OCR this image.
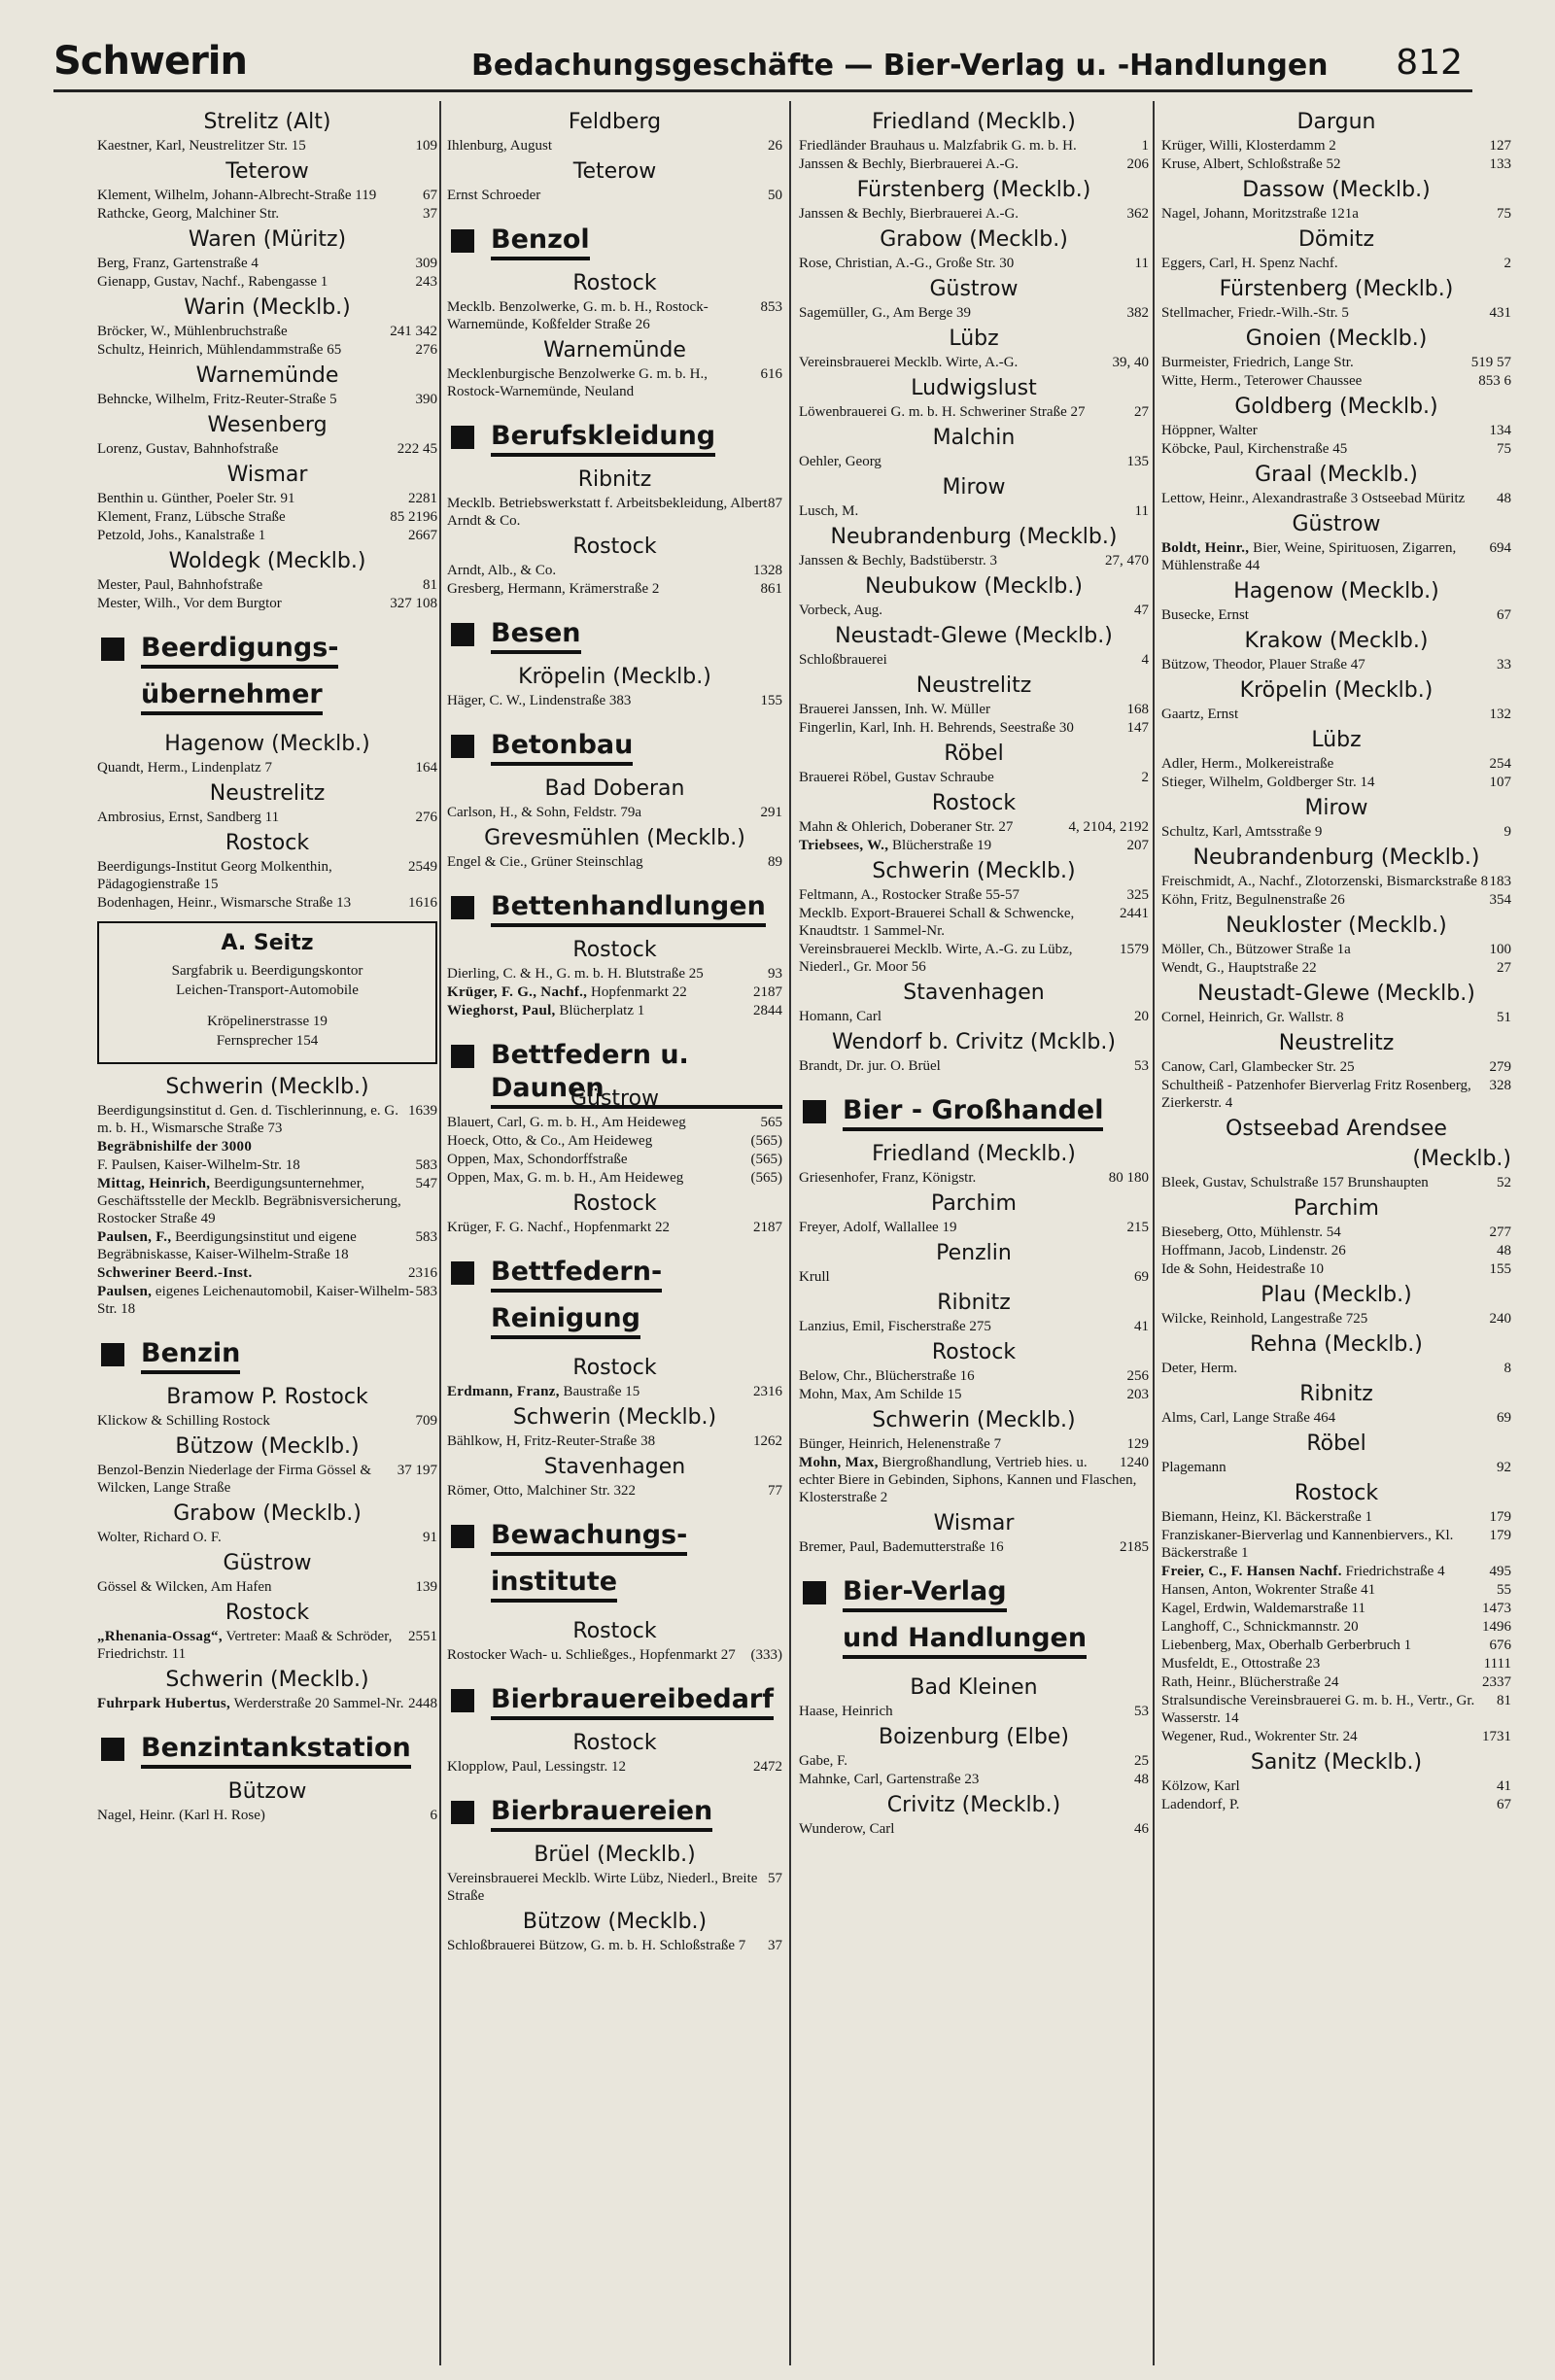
Schwerin	Bedachungsgeschäfte — Bier-Verlag u. -Handlungen 812
Strelitz (Alt)
109
Kaestner, Karl, Neustrelitzer Str. 15
Teterow
67
Klement, Wilhelm, Johann-Albrecht-Straße 119
37
Rathcke, Georg, Malchiner Str.
Waren (Müritz)
309
Berg, Franz, Gartenstraße 4
243
Gienapp, Gustav, Nachf., Rabengasse 1
Warin (Mecklb.)
241 342
Bröcker, W., Mühlenbruchstraße
276
Schultz, Heinrich, Mühlendammstraße 65
Warnemünde
390
Behncke, Wilhelm, Fritz-Reuter-Straße 5
Wesenberg
222 45
Lorenz, Gustav, Bahnhofstraße
Wismar
2281
Benthin u. Günther, Poeler Str. 91
85 2196
Klement, Franz, Lübsche Straße
2667
Petzold, Johs., Kanalstraße 1
Woldegk (Mecklb.)
81
Mester, Paul, Bahnhofstraße
327 108
Mester, Wilh., Vor dem Burgtor
Beerdigungs-
übernehmer
Hagenow (Mecklb.)
164
Quandt, Herm., Lindenplatz 7
Neustrelitz
276
Ambrosius, Ernst, Sandberg 11
Rostock
2549
Beerdigungs-Institut Georg Molkenthin, Pädagogienstraße 15
1616
Bodenhagen, Heinr., Wismarsche Straße 13
A. Seitz
Sargfabrik u. Beerdigungskontor
Leichen-Transport-Automobile
Kröpelinerstrasse 19
Fernsprecher 154
Schwerin (Mecklb.)
1639
Beerdigungsinstitut d. Gen. d. Tischlerinnung, e. G. m. b. H., Wismarsche Straße 73
Begräbnishilfe der 3000
583
F. Paulsen, Kaiser-Wilhelm-Str. 18
547
Mittag, Heinrich, Beerdigungsunternehmer, Geschäftsstelle der Mecklb. Begräbnisversicherung, Rostocker Straße 49
583
Paulsen, F., Beerdigungsinstitut und eigene Begräbniskasse, Kaiser-Wilhelm-Straße 18
2316
Schweriner Beerd.-Inst.
583
Paulsen, eigenes Leichenautomobil, Kaiser-Wilhelm-Str. 18
Benzin
Bramow P. Rostock
709
Klickow & Schilling Rostock
Bützow (Mecklb.)
37 197
Benzol-Benzin Niederlage der Firma Gössel & Wilcken, Lange Straße
Grabow (Mecklb.)
91
Wolter, Richard O. F.
Güstrow
139
Gössel & Wilcken, Am Hafen
Rostock
2551
„Rhenania-Ossag“, Vertreter: Maaß & Schröder, Friedrichstr. 11
Schwerin (Mecklb.)
2448
Fuhrpark Hubertus, Werderstraße 20 Sammel-Nr.
Benzintankstation
Bützow
6
Nagel, Heinr. (Karl H. Rose)
Feldberg
26
Ihlenburg, August
Teterow
50
Ernst Schroeder
Benzol
Rostock
853
Mecklb. Benzolwerke, G. m. b. H., Rostock-Warnemünde, Koßfelder Straße 26
Warnemünde
616
Mecklenburgische Benzolwerke G. m. b. H., Rostock-Warnemünde, Neuland
Berufskleidung
Ribnitz
87
Mecklb. Betriebswerkstatt f. Arbeitsbekleidung, Albert Arndt & Co.
Rostock
1328
Arndt, Alb., & Co.
861
Gresberg, Hermann, Krämerstraße 2
Besen
Kröpelin (Mecklb.)
155
Häger, C. W., Lindenstraße 383
Betonbau
Bad Doberan
291
Carlson, H., & Sohn, Feldstr. 79a
Grevesmühlen (Mecklb.)
89
Engel & Cie., Grüner Steinschlag
Bettenhandlungen
Rostock
93
Dierling, C. & H., G. m. b. H. Blutstraße 25
2187
Krüger, F. G., Nachf., Hopfenmarkt 22
2844
Wieghorst, Paul, Blücherplatz 1
Bettfedern u. Daunen
Güstrow
565
Blauert, Carl, G. m. b. H., Am Heideweg
(565)
Hoeck, Otto, & Co., Am Heideweg
(565)
Oppen, Max, Schondorffstraße
(565)
Oppen, Max, G. m. b. H., Am Heideweg
Rostock
2187
Krüger, F. G. Nachf., Hopfenmarkt 22
Bettfedern-
Reinigung
Rostock
2316
Erdmann, Franz, Baustraße 15
Schwerin (Mecklb.)
1262
Bählkow, H, Fritz-Reuter-Straße 38
Stavenhagen
77
Römer, Otto, Malchiner Str. 322
Bewachungs-
institute
Rostock
(333)
Rostocker Wach- u. Schließges., Hopfenmarkt 27
Bierbrauereibedarf
Rostock
2472
Klopplow, Paul, Lessingstr. 12
Bierbrauereien
Brüel (Mecklb.)
57
Vereinsbrauerei Mecklb. Wirte Lübz, Niederl., Breite Straße
Bützow (Mecklb.)
37
Schloßbrauerei Bützow, G. m. b. H. Schloßstraße 7
Friedland (Mecklb.)
1
Friedländer Brauhaus u. Malzfabrik G. m. b. H.
206
Janssen & Bechly, Bierbrauerei A.-G.
Fürstenberg (Mecklb.)
362
Janssen & Bechly, Bierbrauerei A.-G.
Grabow (Mecklb.)
11
Rose, Christian, A.-G., Große Str. 30
Güstrow
382
Sagemüller, G., Am Berge 39
Lübz
39, 40
Vereinsbrauerei Mecklb. Wirte, A.-G.
Ludwigslust
27
Löwenbrauerei G. m. b. H. Schweriner Straße 27
Malchin
135
Oehler, Georg
Mirow
11
Lusch, M.
Neubrandenburg (Mecklb.)
27, 470
Janssen & Bechly, Badstüberstr. 3
Neubukow (Mecklb.)
47
Vorbeck, Aug.
Neustadt-Glewe (Mecklb.)
4
Schloßbrauerei
Neustrelitz
168
Brauerei Janssen, Inh. W. Müller
147
Fingerlin, Karl, Inh. H. Behrends, Seestraße 30
Röbel
2
Brauerei Röbel, Gustav Schraube
Rostock
4, 2104, 2192
Mahn & Ohlerich, Doberaner Str. 27
207
Triebsees, W., Blücherstraße 19
Schwerin (Mecklb.)
325
Feltmann, A., Rostocker Straße 55-57
2441
Mecklb. Export-Brauerei Schall & Schwencke, Knaudtstr. 1 Sammel-Nr.
1579
Vereinsbrauerei Mecklb. Wirte, A.-G. zu Lübz, Niederl., Gr. Moor 56
Stavenhagen
20
Homann, Carl
Wendorf b. Crivitz (Mcklb.)
53
Brandt, Dr. jur. O. Brüel
Bier - Großhandel
Friedland (Mecklb.)
80 180
Griesenhofer, Franz, Königstr.
Parchim
215
Freyer, Adolf, Wallallee 19
Penzlin
69
Krull
Ribnitz
41
Lanzius, Emil, Fischerstraße 275
Rostock
256
Below, Chr., Blücherstraße 16
203
Mohn, Max, Am Schilde 15
Schwerin (Mecklb.)
129
Bünger, Heinrich, Helenenstraße 7
1240
Mohn, Max, Biergroßhandlung, Vertrieb hies. u. echter Biere in Gebinden, Siphons, Kannen und Flaschen, Klosterstraße 2
Wismar
2185
Bremer, Paul, Bademutterstraße 16
Bier-Verlag
und Handlungen
Bad Kleinen
53
Haase, Heinrich
Boizenburg (Elbe)
25
Gabe, F.
48
Mahnke, Carl, Gartenstraße 23
Crivitz (Mecklb.)
46
Wunderow, Carl
Dargun
127
Krüger, Willi, Klosterdamm 2
133
Kruse, Albert, Schloßstraße 52
Dassow (Mecklb.)
75
Nagel, Johann, Moritzstraße 121a
Dömitz
2
Eggers, Carl, H. Spenz Nachf.
Fürstenberg (Mecklb.)
431
Stellmacher, Friedr.-Wilh.-Str. 5
Gnoien (Mecklb.)
519 57
Burmeister, Friedrich, Lange Str.
853 6
Witte, Herm., Teterower Chaussee
Goldberg (Mecklb.)
134
Höppner, Walter
75
Köbcke, Paul, Kirchenstraße 45
Graal (Mecklb.)
48
Lettow, Heinr., Alexandrastraße 3 Ostseebad Müritz
Güstrow
694
Boldt, Heinr., Bier, Weine, Spirituosen, Zigarren, Mühlenstraße 44
Hagenow (Mecklb.)
67
Busecke, Ernst
Krakow (Mecklb.)
33
Bützow, Theodor, Plauer Straße 47
Kröpelin (Mecklb.)
132
Gaartz, Ernst
Lübz
254
Adler, Herm., Molkereistraße
107
Stieger, Wilhelm, Goldberger Str. 14
Mirow
9
Schultz, Karl, Amtsstraße 9
Neubrandenburg (Mecklb.)
183
Freischmidt, A., Nachf., Zlotorzenski, Bismarckstraße 8
354
Köhn, Fritz, Begulnenstraße 26
Neukloster (Mecklb.)
100
Möller, Ch., Bützower Straße 1a
27
Wendt, G., Hauptstraße 22
Neustadt-Glewe (Mecklb.)
51
Cornel, Heinrich, Gr. Wallstr. 8
Neustrelitz
279
Canow, Carl, Glambecker Str. 25
328
Schultheiß - Patzenhofer Bierverlag Fritz Rosenberg, Zierkerstr. 4
Ostseebad Arendsee
(Mecklb.)
52
Bleek, Gustav, Schulstraße 157 Brunshaupten
Parchim
277
Bieseberg, Otto, Mühlenstr. 54
48
Hoffmann, Jacob, Lindenstr. 26
155
Ide & Sohn, Heidestraße 10
Plau (Mecklb.)
240
Wilcke, Reinhold, Langestraße 725
Rehna (Mecklb.)
8
Deter, Herm.
Ribnitz
69
Alms, Carl, Lange Straße 464
Röbel
92
Plagemann
Rostock
179
Biemann, Heinz, Kl. Bäckerstraße 1
179
Franziskaner-Bierverlag und Kannenbiervers., Kl. Bäckerstraße 1
495
Freier, C., F. Hansen Nachf. Friedrichstraße 4
55
Hansen, Anton, Wokrenter Straße 41
1473
Kagel, Erdwin, Waldemarstraße 11
1496
Langhoff, C., Schnickmannstr. 20
676
Liebenberg, Max, Oberhalb Gerberbruch 1
1111
Musfeldt, E., Ottostraße 23
2337
Rath, Heinr., Blücherstraße 24
81
Stralsundische Vereinsbrauerei G. m. b. H., Vertr., Gr. Wasserstr. 14
1731
Wegener, Rud., Wokrenter Str. 24
Sanitz (Mecklb.)
41
Kölzow, Karl
67
Ladendorf, P.
